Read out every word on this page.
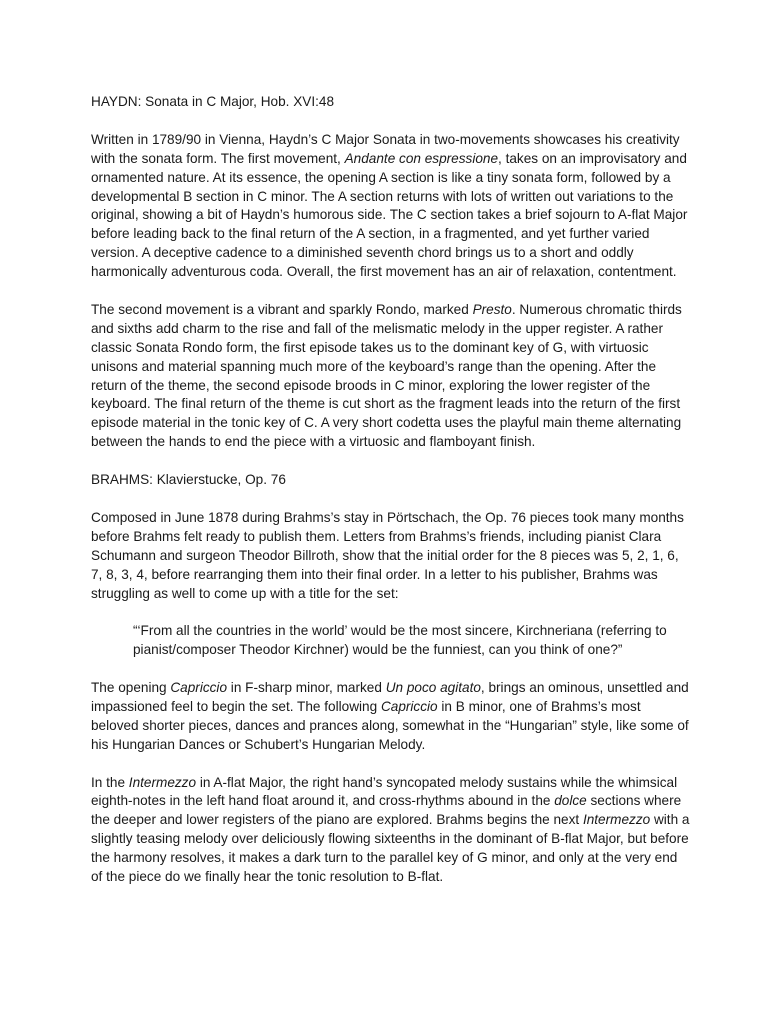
HAYDN: Sonata in C Major, Hob. XVI:48

Written in 1789/90 in Vienna, Haydn’s C Major Sonata in two-movements showcases his creativity with the sonata form. The first movement, Andante con espressione, takes on an improvisatory and ornamented nature. At its essence, the opening A section is like a tiny sonata form, followed by a developmental B section in C minor. The A section returns with lots of written out variations to the original, showing a bit of Haydn’s humorous side. The C section takes a brief sojourn to A-flat Major before leading back to the final return of the A section, in a fragmented, and yet further varied version. A deceptive cadence to a diminished seventh chord brings us to a short and oddly harmonically adventurous coda. Overall, the first movement has an air of relaxation, contentment.

The second movement is a vibrant and sparkly Rondo, marked Presto. Numerous chromatic thirds and sixths add charm to the rise and fall of the melismatic melody in the upper register. A rather classic Sonata Rondo form, the first episode takes us to the dominant key of G, with virtuosic unisons and material spanning much more of the keyboard’s range than the opening. After the return of the theme, the second episode broods in C minor, exploring the lower register of the keyboard. The final return of the theme is cut short as the fragment leads into the return of the first episode material in the tonic key of C. A very short codetta uses the playful main theme alternating between the hands to end the piece with a virtuosic and flamboyant finish.

BRAHMS: Klavierstucke, Op. 76

Composed in June 1878 during Brahms’s stay in Pörtschach, the Op. 76 pieces took many months before Brahms felt ready to publish them. Letters from Brahms’s friends, including pianist Clara Schumann and surgeon Theodor Billroth, show that the initial order for the 8 pieces was 5, 2, 1, 6, 7, 8, 3, 4, before rearranging them into their final order. In a letter to his publisher, Brahms was struggling as well to come up with a title for the set:

“‘From all the countries in the world’ would be the most sincere, Kirchneriana (referring to pianist/composer Theodor Kirchner) would be the funniest, can you think of one?”

The opening Capriccio in F-sharp minor, marked Un poco agitato, brings an ominous, unsettled and impassioned feel to begin the set. The following Capriccio in B minor, one of Brahms’s most beloved shorter pieces, dances and prances along, somewhat in the “Hungarian” style, like some of his Hungarian Dances or Schubert’s Hungarian Melody.

In the Intermezzo in A-flat Major, the right hand’s syncopated melody sustains while the whimsical eighth-notes in the left hand float around it, and cross-rhythms abound in the dolce sections where the deeper and lower registers of the piano are explored. Brahms begins the next Intermezzo with a slightly teasing melody over deliciously flowing sixteenths in the dominant of B-flat Major, but before the harmony resolves, it makes a dark turn to the parallel key of G minor, and only at the very end of the piece do we finally hear the tonic resolution to B-flat.
